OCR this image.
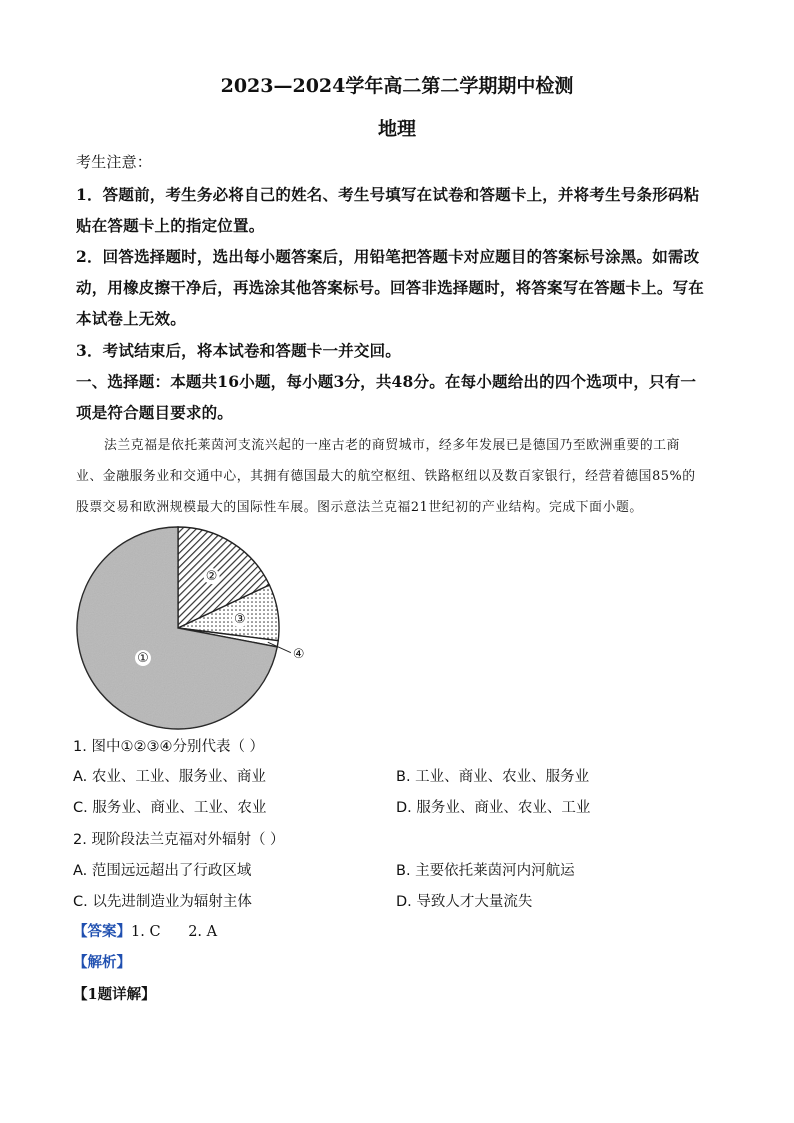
2023—2024学年高二第二学期期中检测
地理
考生注意：
1．答题前，考生务必将自己的姓名、考生号填写在试卷和答题卡上，并将考生号条形码粘
贴在答题卡上的指定位置。
2．回答选择题时，选出每小题答案后，用铅笔把答题卡对应题目的答案标号涂黑。如需改
动，用橡皮擦干净后，再选涂其他答案标号。回答非选择题时，将答案写在答题卡上。写在
本试卷上无效。
3．考试结束后，将本试卷和答题卡一并交回。
一、选择题：本题共16小题，每小题3分，共48分。在每小题给出的四个选项中，只有一
项是符合题目要求的。
法兰克福是依托莱茵河支流兴起的一座古老的商贸城市，经多年发展已是德国乃至欧洲重要的工商
业、金融服务业和交通中心，其拥有德国最大的航空枢纽、铁路枢纽以及数百家银行，经营着德国85%的
股票交易和欧洲规模最大的国际性车展。图示意法兰克福21世纪初的产业结构。完成下面小题。
①
②
③
④
1. 图中①②③④分别代表（ ）
A. 农业、工业、服务业、商业	B. 工业、商业、农业、服务业
C. 服务业、商业、工业、农业	D. 服务业、商业、农业、工业
2. 现阶段法兰克福对外辐射（ ）
A. 范围远远超出了行政区域	B. 主要依托莱茵河内河航运
C. 以先进制造业为辐射主体	D. 导致人才大量流失
【答案】1. C      2. A
【解析】
【1题详解】
